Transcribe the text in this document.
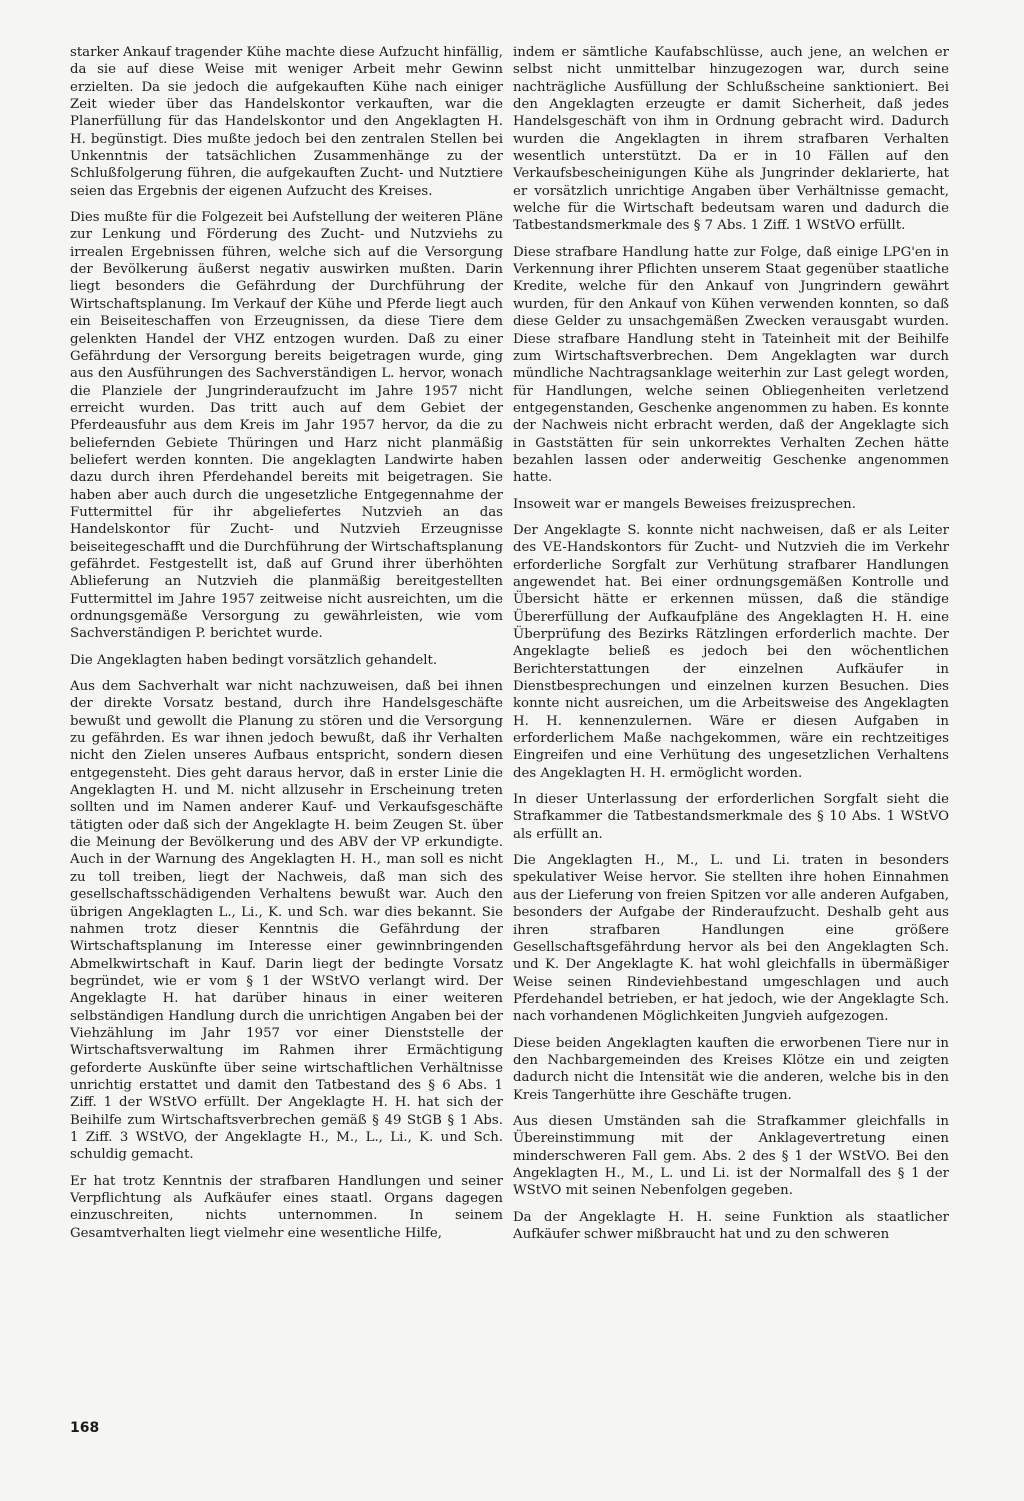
starker Ankauf tragender Kühe machte diese Aufzucht hinfällig, da sie auf diese Weise mit weniger Arbeit mehr Gewinn erzielten. Da sie jedoch die aufgekauften Kühe nach einiger Zeit wieder über das Handelskontor verkauften, war die Planerfüllung für das Handelskontor und den Angeklagten H. H. begünstigt. Dies mußte jedoch bei den zentralen Stellen bei Unkenntnis der tatsächlichen Zusammenhänge zu der Schlußfolgerung führen, die aufgekauften Zucht- und Nutztiere seien das Ergebnis der eigenen Aufzucht des Kreises.

Dies mußte für die Folgezeit bei Aufstellung der weiteren Pläne zur Lenkung und Förderung des Zucht- und Nutzviehs zu irrealen Ergebnissen führen, welche sich auf die Versorgung der Bevölkerung äußerst negativ auswirken mußten. Darin liegt besonders die Gefährdung der Durchführung der Wirtschaftsplanung. Im Verkauf der Kühe und Pferde liegt auch ein Beiseiteschaffen von Erzeugnissen, da diese Tiere dem gelenkten Handel der VHZ entzogen wurden. Daß zu einer Gefährdung der Versorgung bereits beigetragen wurde, ging aus den Ausführungen des Sachverständigen L. hervor, wonach die Planziele der Jungrinderaufzucht im Jahre 1957 nicht erreicht wurden. Das tritt auch auf dem Gebiet der Pferdeausfuhr aus dem Kreis im Jahr 1957 hervor, da die zu beliefernden Gebiete Thüringen und Harz nicht planmäßig beliefert werden konnten. Die angeklagten Landwirte haben dazu durch ihren Pferdehandel bereits mit beigetragen. Sie haben aber auch durch die ungesetzliche Entgegennahme der Futtermittel für ihr abgeliefertes Nutzvieh an das Handelskontor für Zucht- und Nutzvieh Erzeugnisse beiseitegeschafft und die Durchführung der Wirtschaftsplanung gefährdet. Festgestellt ist, daß auf Grund ihrer überhöhten Ablieferung an Nutzvieh die planmäßig bereitgestellten Futtermittel im Jahre 1957 zeitweise nicht ausreichten, um die ordnungsgemäße Versorgung zu gewährleisten, wie vom Sachverständigen P. berichtet wurde.

Die Angeklagten haben bedingt vorsätzlich gehandelt.

Aus dem Sachverhalt war nicht nachzuweisen, daß bei ihnen der direkte Vorsatz bestand, durch ihre Handelsgeschäfte bewußt und gewollt die Planung zu stören und die Versorgung zu gefährden. Es war ihnen jedoch bewußt, daß ihr Verhalten nicht den Zielen unseres Aufbaus entspricht, sondern diesen entgegensteht. Dies geht daraus hervor, daß in erster Linie die Angeklagten H. und M. nicht allzusehr in Erscheinung treten sollten und im Namen anderer Kauf- und Verkaufsgeschäfte tätigten oder daß sich der Angeklagte H. beim Zeugen St. über die Meinung der Bevölkerung und des ABV der VP erkundigte. Auch in der Warnung des Angeklagten H. H., man soll es nicht zu toll treiben, liegt der Nachweis, daß man sich des gesellschaftsschädigenden Verhaltens bewußt war. Auch den übrigen Angeklagten L., Li., K. und Sch. war dies bekannt. Sie nahmen trotz dieser Kenntnis die Gefährdung der Wirtschaftsplanung im Interesse einer gewinnbringenden Abmelkwirtschaft in Kauf. Darin liegt der bedingte Vorsatz begründet, wie er vom § 1 der WStVO verlangt wird. Der Angeklagte H. hat darüber hinaus in einer weiteren selbständigen Handlung durch die unrichtigen Angaben bei der Viehzählung im Jahr 1957 vor einer Dienststelle der Wirtschaftsverwaltung im Rahmen ihrer Ermächtigung geforderte Auskünfte über seine wirtschaftlichen Verhältnisse unrichtig erstattet und damit den Tatbestand des § 6 Abs. 1 Ziff. 1 der WStVO erfüllt. Der Angeklagte H. H. hat sich der Beihilfe zum Wirtschaftsverbrechen gemäß § 49 StGB § 1 Abs. 1 Ziff. 3 WStVO, der Angeklagte H., M., L., Li., K. und Sch. schuldig gemacht.

Er hat trotz Kenntnis der strafbaren Handlungen und seiner Verpflichtung als Aufkäufer eines staatl. Organs dagegen einzuschreiten, nichts unternommen. In seinem Gesamtverhalten liegt vielmehr eine wesentliche Hilfe,

indem er sämtliche Kaufabschlüsse, auch jene, an welchen er selbst nicht unmittelbar hinzugezogen war, durch seine nachträgliche Ausfüllung der Schlußscheine sanktioniert. Bei den Angeklagten erzeugte er damit Sicherheit, daß jedes Handelsgeschäft von ihm in Ordnung gebracht wird. Dadurch wurden die Angeklagten in ihrem strafbaren Verhalten wesentlich unterstützt. Da er in 10 Fällen auf den Verkaufsbescheinigungen Kühe als Jungrinder deklarierte, hat er vorsätzlich unrichtige Angaben über Verhältnisse gemacht, welche für die Wirtschaft bedeutsam waren und dadurch die Tatbestandsmerkmale des § 7 Abs. 1 Ziff. 1 WStVO erfüllt.

Diese strafbare Handlung hatte zur Folge, daß einige LPG'en in Verkennung ihrer Pflichten unserem Staat gegenüber staatliche Kredite, welche für den Ankauf von Jungrindern gewährt wurden, für den Ankauf von Kühen verwenden konnten, so daß diese Gelder zu unsachgemäßen Zwecken verausgabt wurden. Diese strafbare Handlung steht in Tateinheit mit der Beihilfe zum Wirtschaftsverbrechen. Dem Angeklagten war durch mündliche Nachtragsanklage weiterhin zur Last gelegt worden, für Handlungen, welche seinen Obliegenheiten verletzend entgegenstanden, Geschenke angenommen zu haben. Es konnte der Nachweis nicht erbracht werden, daß der Angeklagte sich in Gaststätten für sein unkorrektes Verhalten Zechen hätte bezahlen lassen oder anderweitig Geschenke angenommen hatte.

Insoweit war er mangels Beweises freizusprechen.

Der Angeklagte S. konnte nicht nachweisen, daß er als Leiter des VE-Handskontors für Zucht- und Nutzvieh die im Verkehr erforderliche Sorgfalt zur Verhütung strafbarer Handlungen angewendet hat. Bei einer ordnungsgemäßen Kontrolle und Übersicht hätte er erkennen müssen, daß die ständige Übererfüllung der Aufkaufpläne des Angeklagten H. H. eine Überprüfung des Bezirks Rätzlingen erforderlich machte. Der Angeklagte beließ es jedoch bei den wöchentlichen Berichterstattungen der einzelnen Aufkäufer in Dienstbesprechungen und einzelnen kurzen Besuchen. Dies konnte nicht ausreichen, um die Arbeitsweise des Angeklagten H. H. kennenzulernen. Wäre er diesen Aufgaben in erforderlichem Maße nachgekommen, wäre ein rechtzeitiges Eingreifen und eine Verhütung des ungesetzlichen Verhaltens des Angeklagten H. H. ermöglicht worden.

In dieser Unterlassung der erforderlichen Sorgfalt sieht die Strafkammer die Tatbestandsmerkmale des § 10 Abs. 1 WStVO als erfüllt an.

Die Angeklagten H., M., L. und Li. traten in besonders spekulativer Weise hervor. Sie stellten ihre hohen Einnahmen aus der Lieferung von freien Spitzen vor alle anderen Aufgaben, besonders der Aufgabe der Rinderaufzucht. Deshalb geht aus ihren strafbaren Handlungen eine größere Gesellschaftsgefährdung hervor als bei den Angeklagten Sch. und K. Der Angeklagte K. hat wohl gleichfalls in übermäßiger Weise seinen Rindeviehbestand umgeschlagen und auch Pferdehandel betrieben, er hat jedoch, wie der Angeklagte Sch. nach vorhandenen Möglichkeiten Jungvieh aufgezogen.

Diese beiden Angeklagten kauften die erworbenen Tiere nur in den Nachbargemeinden des Kreises Klötze ein und zeigten dadurch nicht die Intensität wie die anderen, welche bis in den Kreis Tangerhütte ihre Geschäfte trugen.

Aus diesen Umständen sah die Strafkammer gleichfalls in Übereinstimmung mit der Anklagevertretung einen minderschweren Fall gem. Abs. 2 des § 1 der WStVO. Bei den Angeklagten H., M., L. und Li. ist der Normalfall des § 1 der WStVO mit seinen Nebenfolgen gegeben.

Da der Angeklagte H. H. seine Funktion als staatlicher Aufkäufer schwer mißbraucht hat und zu den schweren

168
